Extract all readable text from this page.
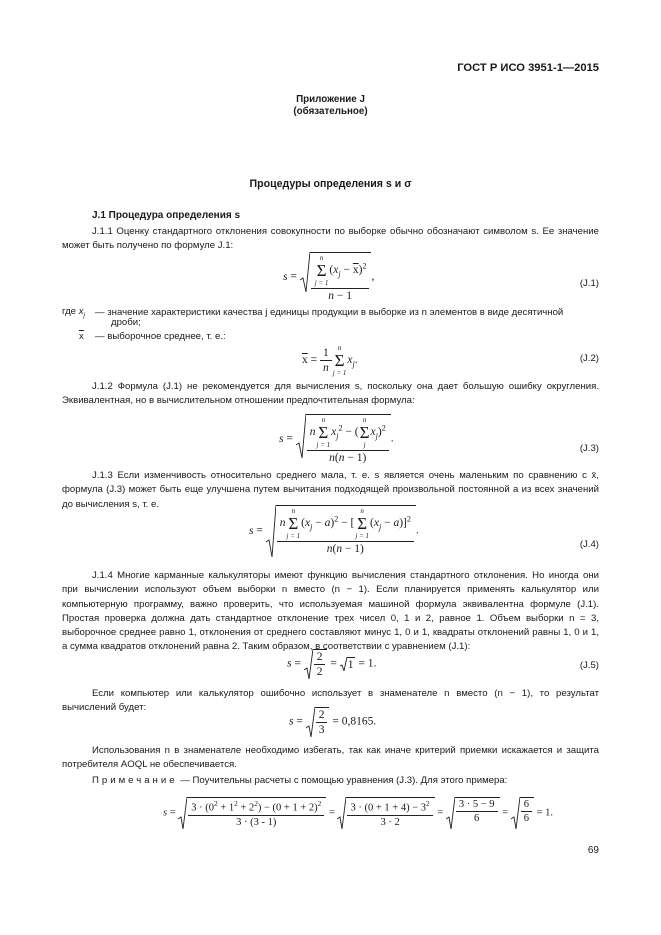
ГОСТ Р ИСО 3951-1—2015
Приложение J
(обязательное)
Процедуры определения s и σ
J.1 Процедура определения s
J.1.1 Оценку стандартного отклонения совокупности по выборке обычно обозначают символом s. Ее значение может быть получено по формуле J.1:
s = n
Σ
j = 1
$(x_j - \overline{x})^2$
n − 1 ,
(J.1)
где $x_j$ — значение характеристики качества j единицы продукции в выборке из n элементов в виде десятичной
дроби;
$\overline{x}$ — выборочное среднее, т. е.:
$\overline{x} = \frac{1}{n}$ n
Σ
j = 1
$x_j$.	(J.2)
J.1.2 Формула (J.1) не рекомендуется для вычисления s, поскольку она дает большую ошибку округления. Эквивалентная, но в вычислительном отношении предпочтительная формула:
s = n
n
Σ
j = 1
$x_j^2$ − (
n
Σ
j
$x_j)^2$
n(n − 1) .
(J.3)
J.1.3 Если изменчивость относительно среднего мала, т. е. s является очень маленьким по сравнению с x̄, формула (J.3) может быть еще улучшена путем вычитания подходящей произвольной постоянной a из всех значений до вычисления s, т. е.
s = n
n
Σ
j = 1
$(x_j - a)^2$ − [
n
Σ
j = 1
$(x_j - a)]^2$
n(n − 1) .
(J.4)
J.1.4 Многие карманные калькуляторы имеют функцию вычисления стандартного отклонения. Но иногда они при вычислении используют объем выборки n вместо (n − 1). Если планируется применять калькулятор или компьютерную программу, важно проверить, что используемая машиной формула эквивалентна формуле (J.1). Простая проверка должна дать стандартное отклонение трех чисел 0, 1 и 2, равное 1. Объем выборки n = 3, выборочное среднее равно 1, отклонения от среднего составляют минус 1, 0 и 1, квадраты отклонений равны 1, 0 и 1, а сумма квадратов отклонений равна 2. Таким образом, в соответствии с уравнением (J.1):
$s = \frac{2}{2} = 1 = 1$.	(J.5)
Если компьютер или калькулятор ошибочно использует в знаменателе n вместо (n − 1), то результат вычислений будет:
$s = \frac{2}{3} = 0,8165$.
Использования n в знаменателе необходимо избегать, так как иначе критерий приемки искажается и защита потребителя AOQL не обеспечивается.
Примечание — Поучительны расчеты с помощью уравнения (J.3). Для этого примера:
$s = \frac{3 \cdot (0^2 + 1^2 + 2^2) - (0 + 1 + 2)^2}{3 \cdot (3 - 1)} = \frac{3 \cdot (0 + 1 + 4) - 3^2}{3 \cdot 2} = \frac{3 \cdot 5 - 9}{6} = \frac{6}{6} = 1$.
69
